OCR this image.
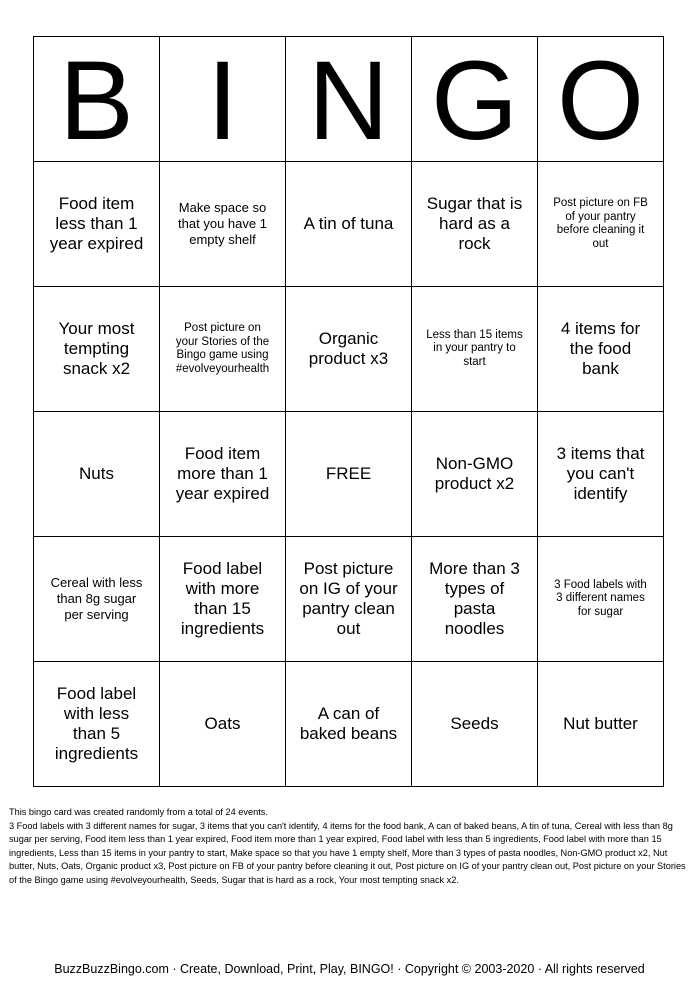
B	I	N	G	O
Food item less than 1 year expired	Make space so that you have 1 empty shelf	A tin of tuna	Sugar that is hard as a rock	Post picture on FB of your pantry before cleaning it out
Your most tempting snack x2	Post picture on your Stories of the Bingo game using #evolveyourhealth	Organic product x3	Less than 15 items in your pantry to start	4 items for the food bank
Nuts	Food item more than 1 year expired	FREE	Non-GMO product x2	3 items that you can't identify
Cereal with less than 8g sugar per serving	Food label with more than 15 ingredients	Post picture on IG of your pantry clean out	More than 3 types of pasta noodles	3 Food labels with 3 different names for sugar
Food label with less than 5 ingredients	Oats	A can of baked beans	Seeds	Nut butter
This bingo card was created randomly from a total of 24 events.
3 Food labels with 3 different names for sugar, 3 items that you can't identify, 4 items for the food bank, A can of baked beans, A tin of tuna, Cereal with less than 8g sugar per serving, Food item less than 1 year expired, Food item more than 1 year expired, Food label with less than 5 ingredients, Food label with more than 15 ingredients, Less than 15 items in your pantry to start, Make space so that you have 1 empty shelf, More than 3 types of pasta noodles, Non-GMO product x2, Nut butter, Nuts, Oats, Organic product x3, Post picture on FB of your pantry before cleaning it out, Post picture on IG of your pantry clean out, Post picture on your Stories of the Bingo game using #evolveyourhealth, Seeds, Sugar that is hard as a rock, Your most tempting snack x2.
BuzzBuzzBingo.com · Create, Download, Print, Play, BINGO! · Copyright © 2003-2020 · All rights reserved
